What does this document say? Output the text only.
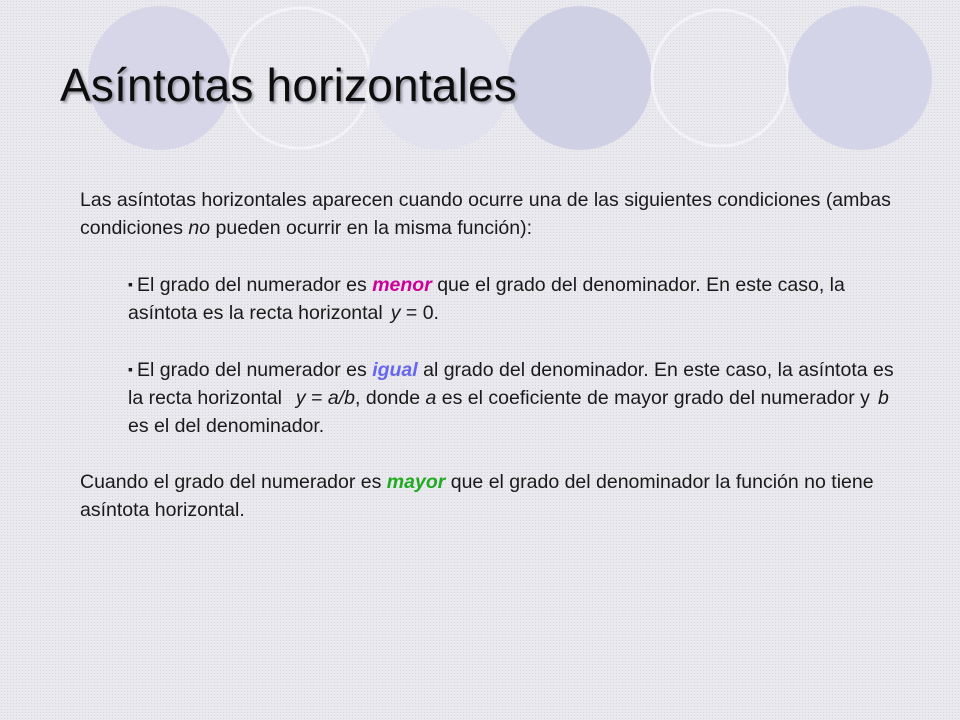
Asíntotas horizontales

Las asíntotas horizontales aparecen cuando ocurre una de las siguientes condiciones (ambas condiciones no pueden ocurrir en la misma función):

▪ El grado del numerador es menor que el grado del denominador. En este caso, la asíntota es la recta horizontal y = 0.

▪ El grado del numerador es igual al grado del denominador. En este caso, la asíntota es la recta horizontal y = a/b, donde a es el coeficiente de mayor grado del numerador y b es el del denominador.

Cuando el grado del numerador es mayor que el grado del denominador la función no tiene asíntota horizontal.
